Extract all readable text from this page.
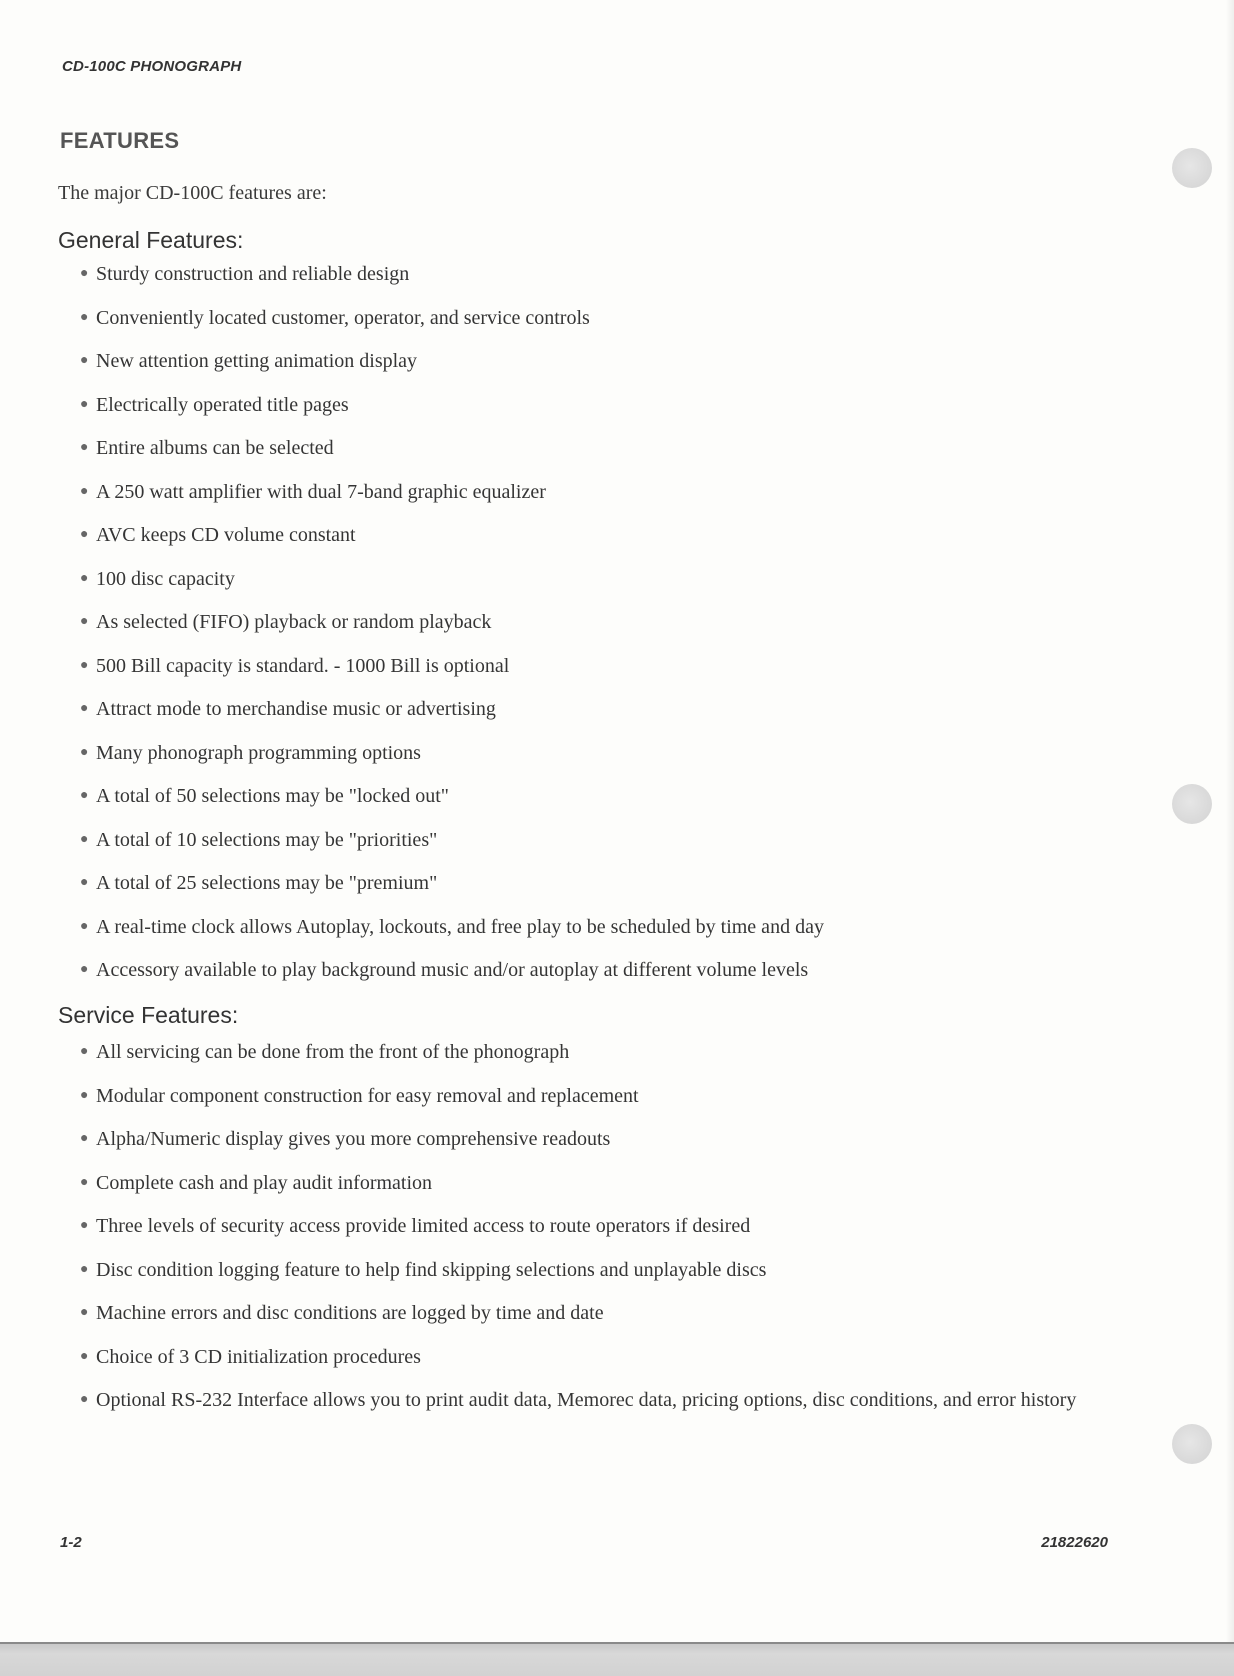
CD-100C PHONOGRAPH
FEATURES
The major CD-100C features are:
General Features:
● Sturdy construction and reliable design
● Conveniently located customer, operator, and service controls
● New attention getting animation display
● Electrically operated title pages
● Entire albums can be selected
● A 250 watt amplifier with dual 7-band graphic equalizer
● AVC keeps CD volume constant
● 100 disc capacity
● As selected (FIFO) playback or random playback
● 500 Bill capacity is standard. - 1000 Bill is optional
● Attract mode to merchandise music or advertising
● Many phonograph programming options
● A total of 50 selections may be "locked out"
● A total of 10 selections may be "priorities"
● A total of 25 selections may be "premium"
● A real-time clock allows Autoplay, lockouts, and free play to be scheduled by time and day
● Accessory available to play background music and/or autoplay at different volume levels
Service Features:
● All servicing can be done from the front of the phonograph
● Modular component construction for easy removal and replacement
● Alpha/Numeric display gives you more comprehensive readouts
● Complete cash and play audit information
● Three levels of security access provide limited access to route operators if desired
● Disc condition logging feature to help find skipping selections and unplayable discs
● Machine errors and disc conditions are logged by time and date
● Choice of 3 CD initialization procedures
● Optional RS-232 Interface allows you to print audit data, Memorec data, pricing options, disc conditions, and error history
1-2	21822620
